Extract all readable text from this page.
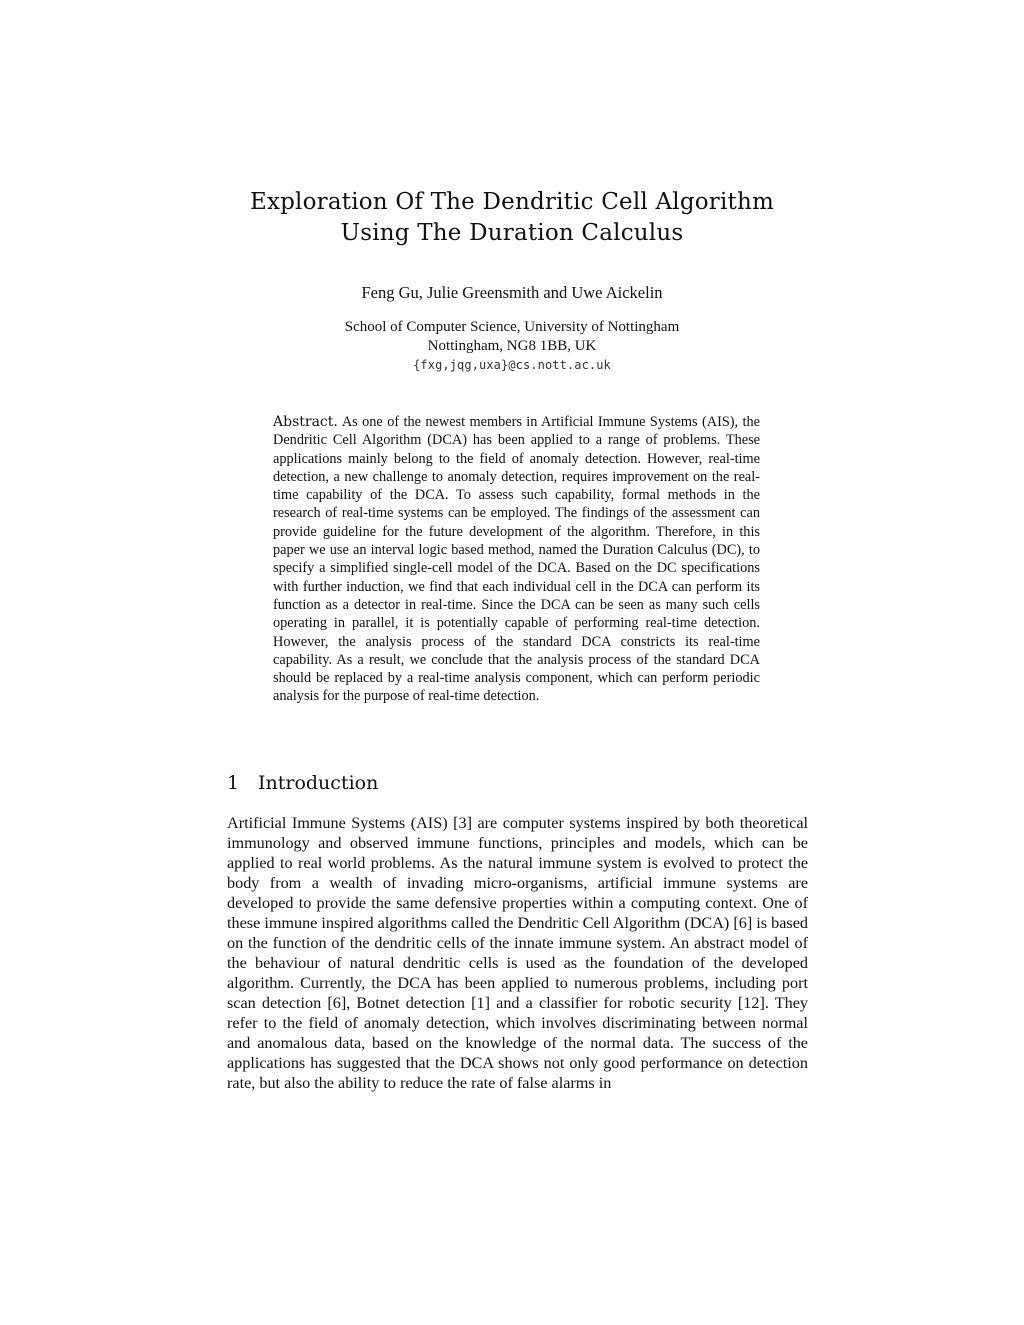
Exploration Of The Dendritic Cell Algorithm
Using The Duration Calculus
Feng Gu, Julie Greensmith and Uwe Aickelin
School of Computer Science, University of Nottingham
Nottingham, NG8 1BB, UK
{fxg,jqg,uxa}@cs.nott.ac.uk
Abstract. As one of the newest members in Artificial Immune Systems (AIS), the Dendritic Cell Algorithm (DCA) has been applied to a range of problems. These applications mainly belong to the field of anomaly detection. However, real-time detection, a new challenge to anomaly detection, requires improvement on the real-time capability of the DCA. To assess such capability, formal methods in the research of real-time systems can be employed. The findings of the assessment can provide guideline for the future development of the algorithm. Therefore, in this paper we use an interval logic based method, named the Duration Calculus (DC), to specify a simplified single-cell model of the DCA. Based on the DC specifications with further induction, we find that each individual cell in the DCA can perform its function as a detector in real-time. Since the DCA can be seen as many such cells operating in parallel, it is potentially capable of performing real-time detection. However, the analysis process of the standard DCA constricts its real-time capability. As a result, we conclude that the analysis process of the standard DCA should be replaced by a real-time analysis component, which can perform periodic analysis for the purpose of real-time detection.
1 Introduction
Artificial Immune Systems (AIS) [3] are computer systems inspired by both theoretical immunology and observed immune functions, principles and models, which can be applied to real world problems. As the natural immune system is evolved to protect the body from a wealth of invading micro-organisms, artificial immune systems are developed to provide the same defensive properties within a computing context. One of these immune inspired algorithms called the Dendritic Cell Algorithm (DCA) [6] is based on the function of the dendritic cells of the innate immune system. An abstract model of the behaviour of natural dendritic cells is used as the foundation of the developed algorithm. Currently, the DCA has been applied to numerous problems, including port scan detection [6], Botnet detection [1] and a classifier for robotic security [12]. They refer to the field of anomaly detection, which involves discriminating between normal and anomalous data, based on the knowledge of the normal data. The success of the applications has suggested that the DCA shows not only good performance on detection rate, but also the ability to reduce the rate of false alarms in
